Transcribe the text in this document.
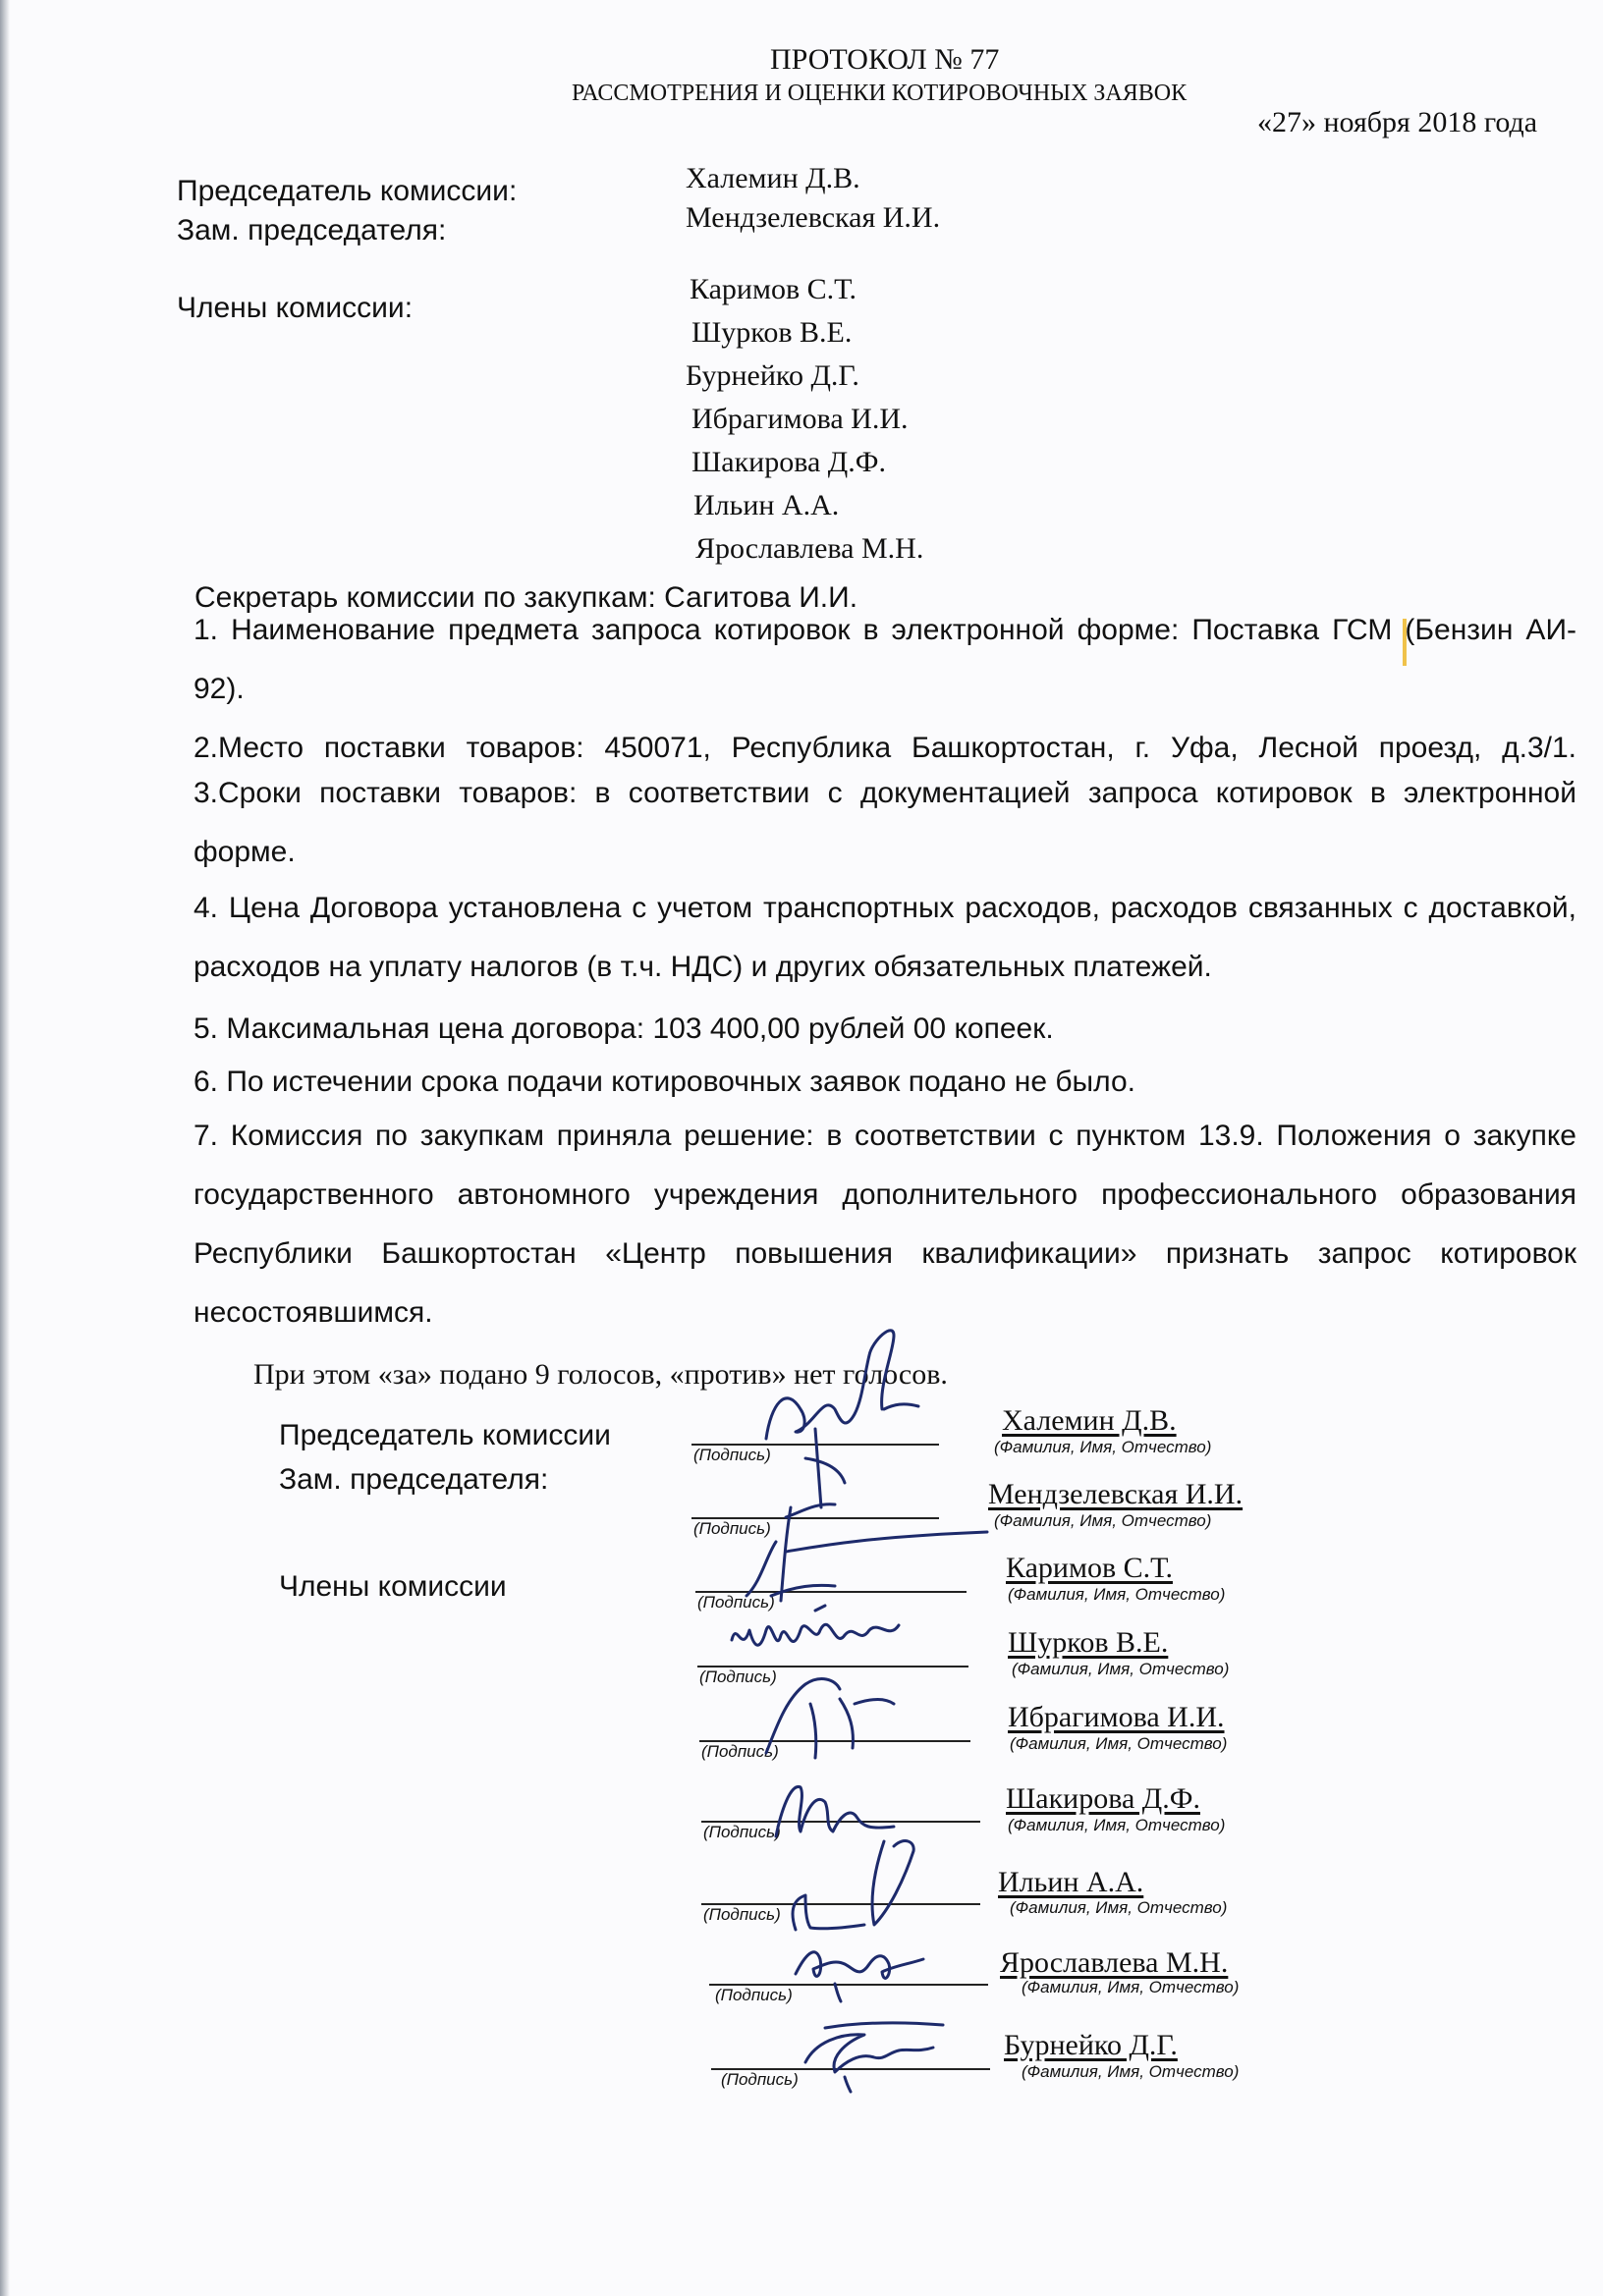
ПРОТОКОЛ № 77
РАССМОТРЕНИЯ И ОЦЕНКИ КОТИРОВОЧНЫХ ЗАЯВОК
«27» ноября 2018 года
Председатель комиссии:	Халемин Д.В.
Зам. председателя:	Мендзелевская И.И.
Члены комиссии:
Каримов С.Т.
Шурков В.Е.
Бурнейко Д.Г.
Ибрагимова И.И.
Шакирова Д.Ф.
Ильин А.А.
Ярославлева М.Н.
Секретарь комиссии по закупкам: Сагитова И.И.
1. Наименование предмета запроса котировок в электронной форме: Поставка ГСМ (Бензин АИ-
92).
2.Место поставки товаров: 450071, Республика Башкортостан, г. Уфа, Лесной проезд, д.3/1.
3.Сроки поставки товаров: в соответствии с документацией запроса котировок в электронной
форме.
4. Цена Договора установлена с учетом транспортных расходов, расходов связанных с доставкой,
расходов на уплату налогов (в т.ч. НДС) и других обязательных платежей.
5. Максимальная цена договора: 103 400,00 рублей 00 копеек.
6. По истечении срока подачи котировочных заявок подано не было.
7. Комиссия по закупкам приняла решение: в соответствии с пунктом 13.9. Положения о закупке
государственного автономного учреждения дополнительного профессионального образования
Республики Башкортостан «Центр повышения квалификации» признать запрос котировок
несостоявшимся.
При этом «за» подано 9 голосов, «против» нет голосов.
Председатель комиссии
Зам. председателя:
Члены комиссии
(Подпись)
Халемин Д.В.
(Фамилия, Имя, Отчество)
(Подпись)
Мендзелевская И.И.
(Фамилия, Имя, Отчество)
(Подпись)
Каримов С.Т.
(Фамилия, Имя, Отчество)
(Подпись)
Шурков В.Е.
(Фамилия, Имя, Отчество)
(Подпись)
Ибрагимова И.И.
(Фамилия, Имя, Отчество)
(Подпись)
Шакирова Д.Ф.
(Фамилия, Имя, Отчество)
(Подпись)
Ильин А.А.
(Фамилия, Имя, Отчество)
(Подпись)
Ярославлева М.Н.
(Фамилия, Имя, Отчество)
(Подпись)
Бурнейко Д.Г.
(Фамилия, Имя, Отчество)
